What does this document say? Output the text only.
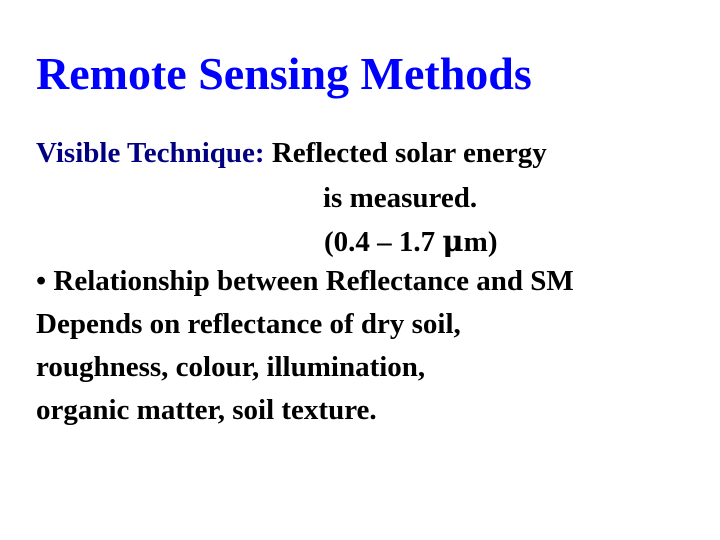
Remote Sensing Methods

Visible Technique: Reflected solar energy

is measured.

(0.4 – 1.7 μm)

• Relationship between Reflectance and SM

Depends on reflectance of dry soil,

roughness, colour, illumination,

organic matter, soil texture.
